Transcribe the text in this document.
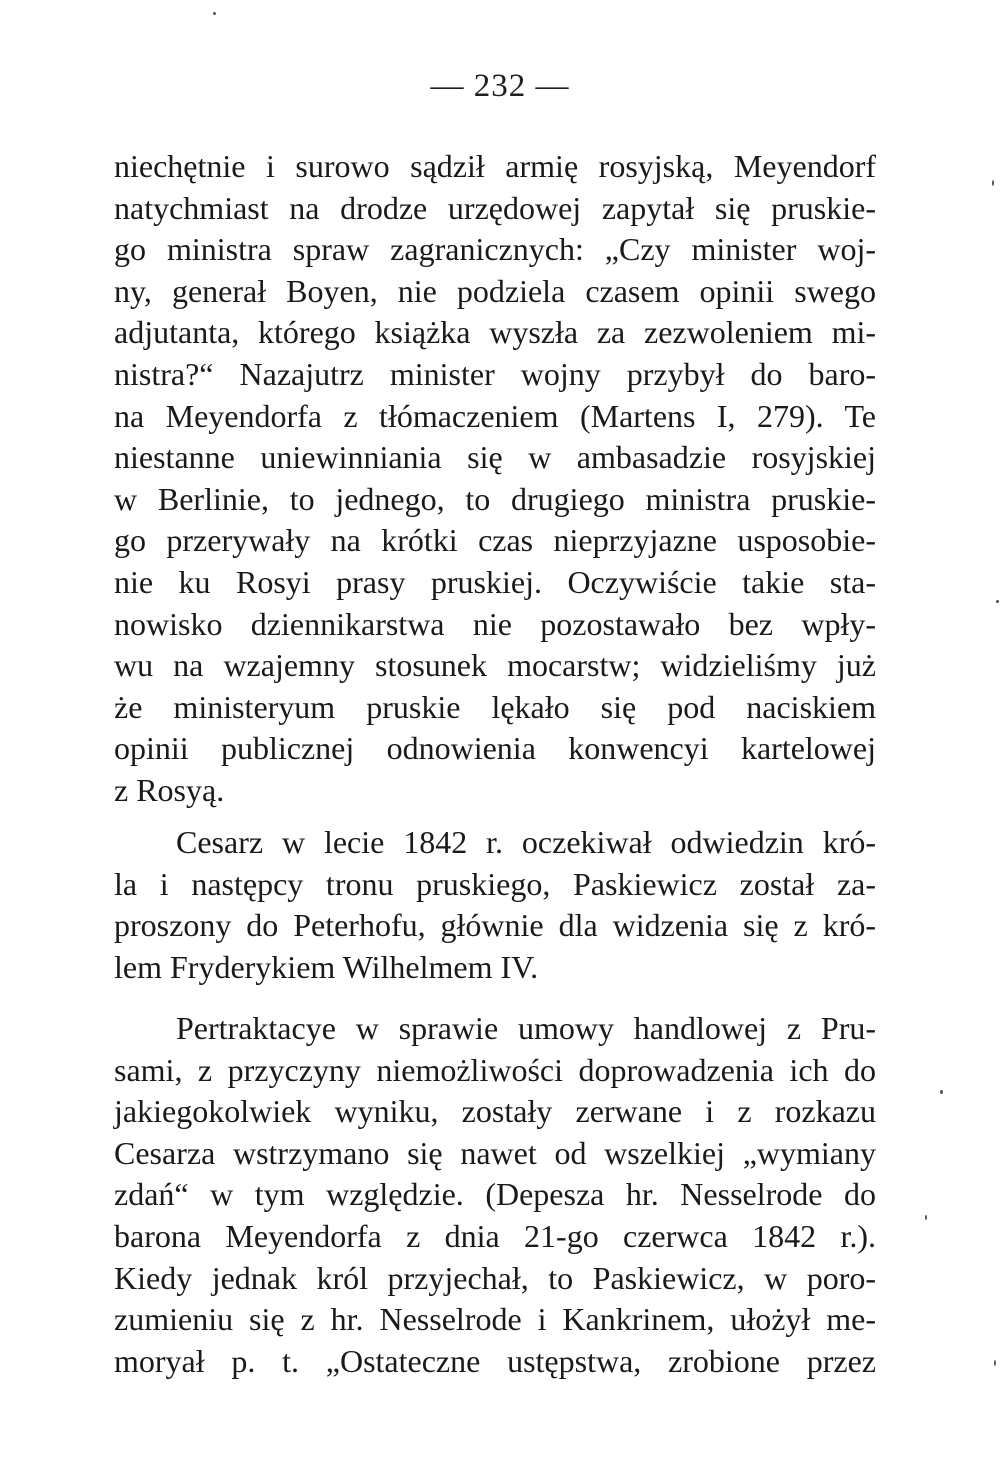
— 232 —
niechętnie i surowo sądził armię rosyjską, Meyendorf
natychmiast na drodze urzędowej zapytał się pruskie-
go ministra spraw zagranicznych: „Czy minister woj-
ny, generał Boyen, nie podziela czasem opinii swego
adjutanta, którego książka wyszła za zezwoleniem mi-
nistra?“ Nazajutrz minister wojny przybył do baro-
na Meyendorfa z tłómaczeniem (Martens I, 279). Te
niestanne uniewinniania się w ambasadzie rosyjskiej
w Berlinie, to jednego, to drugiego ministra pruskie-
go przerywały na krótki czas nieprzyjazne usposobie-
nie ku Rosyi prasy pruskiej. Oczywiście takie sta-
nowisko dziennikarstwa nie pozostawało bez wpły-
wu na wzajemny stosunek mocarstw; widzieliśmy już
że ministeryum pruskie lękało się pod naciskiem
opinii publicznej odnowienia konwencyi kartelowej
z Rosyą.
Cesarz w lecie 1842 r. oczekiwał odwiedzin kró-
la i następcy tronu pruskiego, Paskiewicz został za-
proszony do Peterhofu, głównie dla widzenia się z kró-
lem Fryderykiem Wilhelmem IV.
Pertraktacye w sprawie umowy handlowej z Pru-
sami, z przyczyny niemożliwości doprowadzenia ich do
jakiegokolwiek wyniku, zostały zerwane i z rozkazu
Cesarza wstrzymano się nawet od wszelkiej „wymiany
zdań“ w tym względzie. (Depesza hr. Nesselrode do
barona Meyendorfa z dnia 21-go czerwca 1842 r.).
Kiedy jednak król przyjechał, to Paskiewicz, w poro-
zumieniu się z hr. Nesselrode i Kankrinem, ułożył me-
moryał p. t. „Ostateczne ustępstwa, zrobione przez
